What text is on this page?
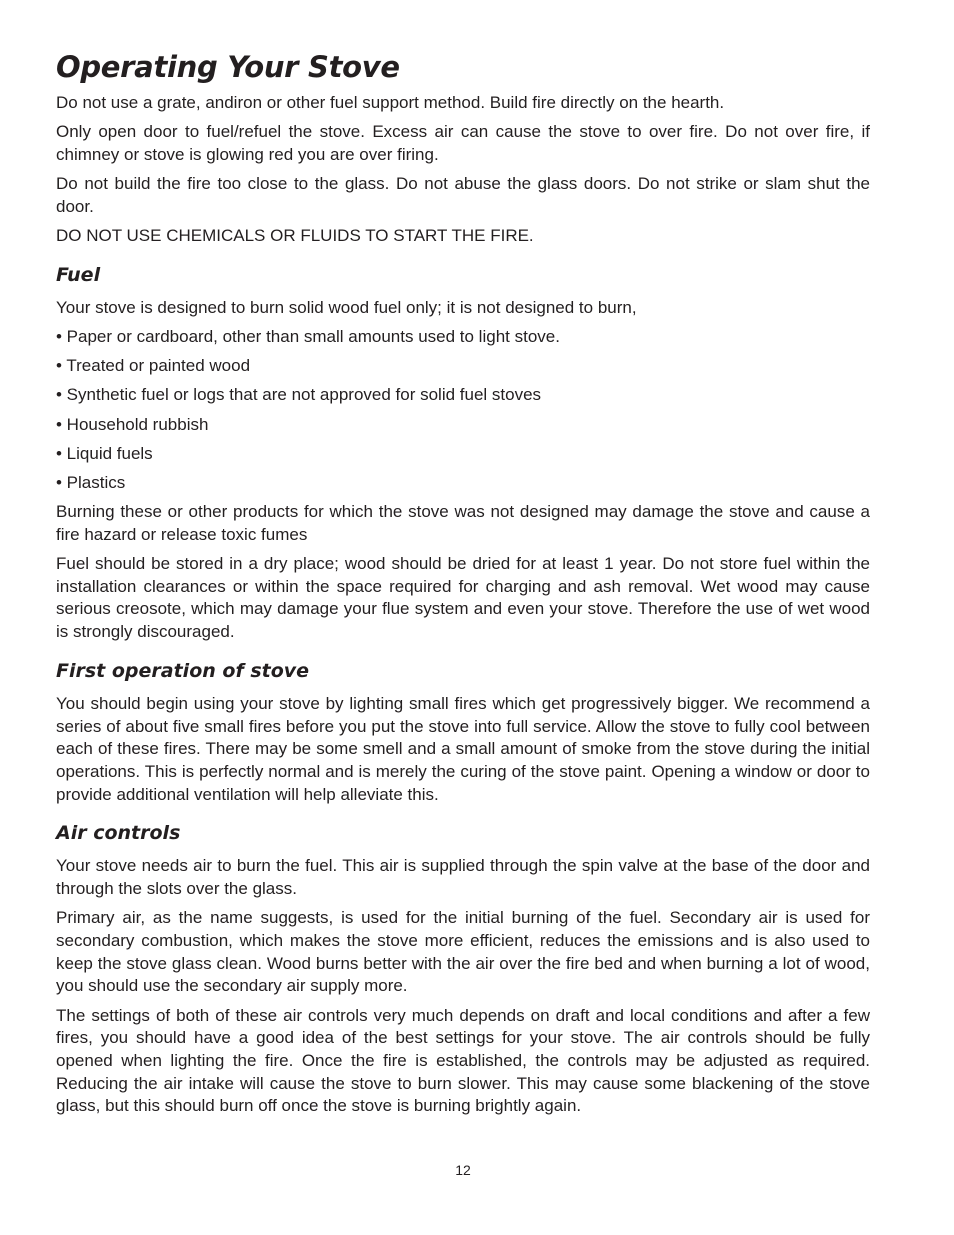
Operating Your Stove

Do not use a grate, andiron or other fuel support method. Build fire directly on the hearth.

Only open door to fuel/refuel the stove. Excess air can cause the stove to over fire. Do not over fire, if chimney or stove is glowing red you are over firing.

Do not build the fire too close to the glass. Do not abuse the glass doors. Do not strike or slam shut the door.

DO NOT USE CHEMICALS OR FLUIDS TO START THE FIRE.

Fuel

Your stove is designed to burn solid wood fuel only; it is not designed to burn,

• Paper or cardboard, other than small amounts used to light stove.

• Treated or painted wood

• Synthetic fuel or logs that are not approved for solid fuel stoves

• Household rubbish

• Liquid fuels

• Plastics

Burning these or other products for which the stove was not designed may damage the stove and cause a fire hazard or release toxic fumes

Fuel should be stored in a dry place; wood should be dried for at least 1 year. Do not store fuel within the installation clearances or within the space required for charging and ash removal. Wet wood may cause serious creosote, which may damage your flue system and even your stove. Therefore the use of wet wood is strongly discouraged.

First operation of stove

You should begin using your stove by lighting small fires which get progressively bigger. We recommend a series of about five small fires before you put the stove into full service. Allow the stove to fully cool between each of these fires. There may be some smell and a small amount of smoke from the stove during the initial operations. This is perfectly normal and is merely the curing of the stove paint. Opening a window or door to provide additional ventilation will help alleviate this.

Air controls

Your stove needs air to burn the fuel. This air is supplied through the spin valve at the base of the door and through the slots over the glass.

Primary air, as the name suggests, is used for the initial burning of the fuel. Secondary air is used for secondary combustion, which makes the stove more efficient, reduces the emissions and is also used to keep the stove glass clean. Wood burns better with the air over the fire bed and when burning a lot of wood, you should use the secondary air supply more.

The settings of both of these air controls very much depends on draft and local conditions and after a few fires, you should have a good idea of the best settings for your stove. The air controls should be fully opened when lighting the fire. Once the fire is established, the controls may be adjusted as required. Reducing the air intake will cause the stove to burn slower. This may cause some blackening of the stove glass, but this should burn off once the stove is burning brightly again.

12
